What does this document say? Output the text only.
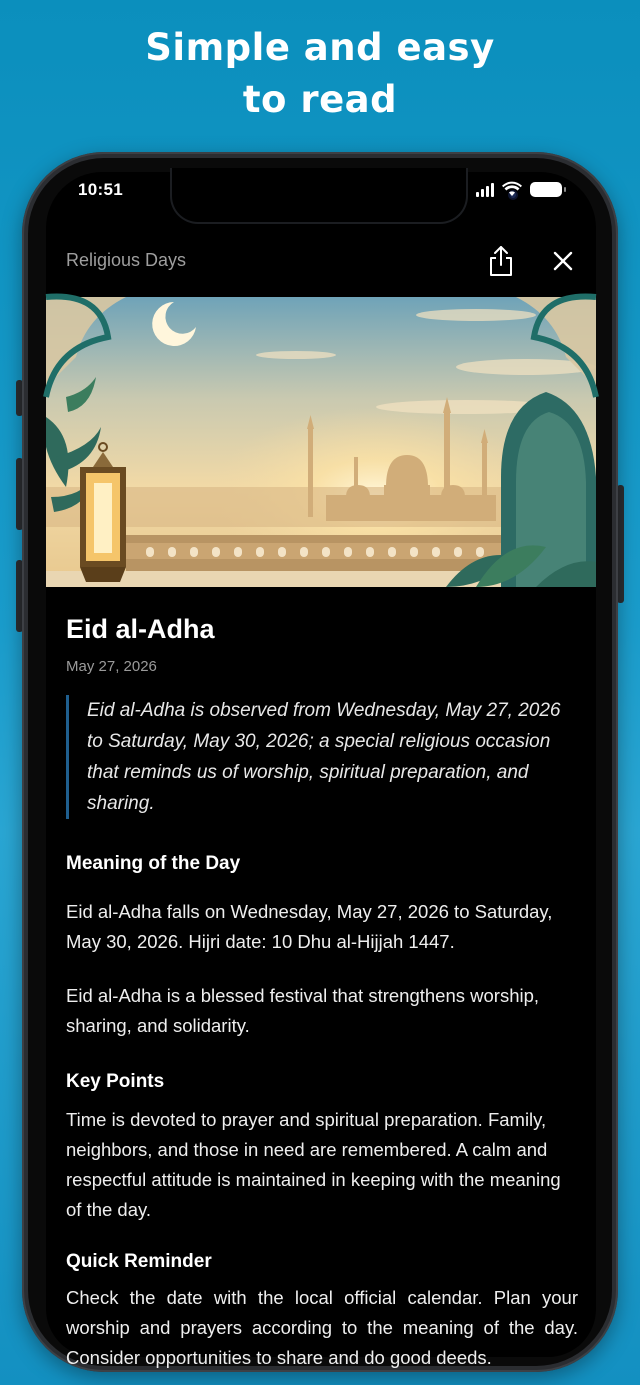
Simple and easy
to read
10:51
Religious Days
Eid al-Adha
May 27, 2026
Eid al-Adha is observed from Wednesday, May 27, 2026 to Saturday, May 30, 2026; a special religious occasion that reminds us of worship, spiritual preparation, and sharing.
Meaning of the Day
Eid al-Adha falls on Wednesday, May 27, 2026 to Saturday, May 30, 2026. Hijri date: 10 Dhu al-Hijjah 1447.
Eid al-Adha is a blessed festival that strengthens worship, sharing, and solidarity.
Key Points
Time is devoted to prayer and spiritual preparation. Family, neighbors, and those in need are remembered. A calm and respectful attitude is maintained in keeping with the meaning of the day.
Quick Reminder
Check the date with the local official calendar. Plan your worship and prayers according to the meaning of the day. Consider opportunities to share and do good deeds.
